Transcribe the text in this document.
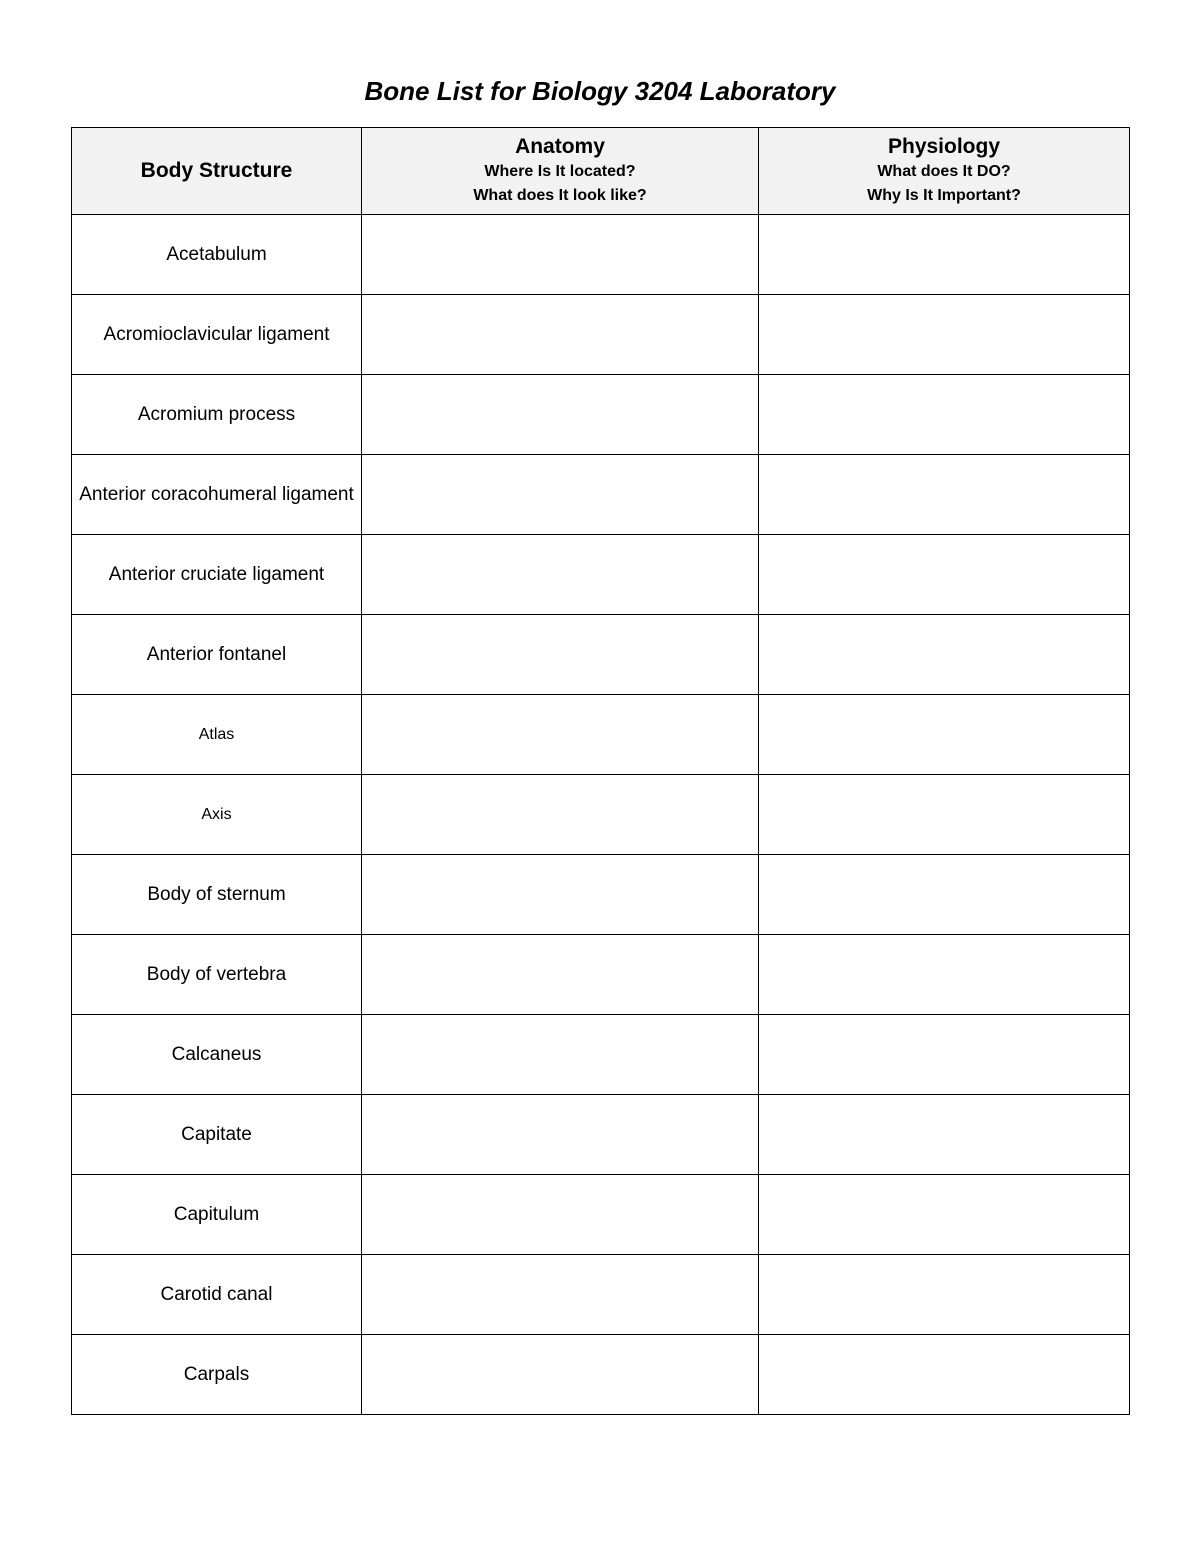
Bone List for Biology 3204 Laboratory
Body Structure	Anatomy
Where Is It located?
What does It look like?	Physiology
What does It DO?
Why Is It Important?

Acetabulum		
Acromioclavicular ligament		
Acromium process		
Anterior coracohumeral ligament		
Anterior cruciate ligament		
Anterior fontanel		
Atlas		
Axis		
Body of sternum		
Body of vertebra		
Calcaneus		
Capitate		
Capitulum		
Carotid canal		
Carpals		
